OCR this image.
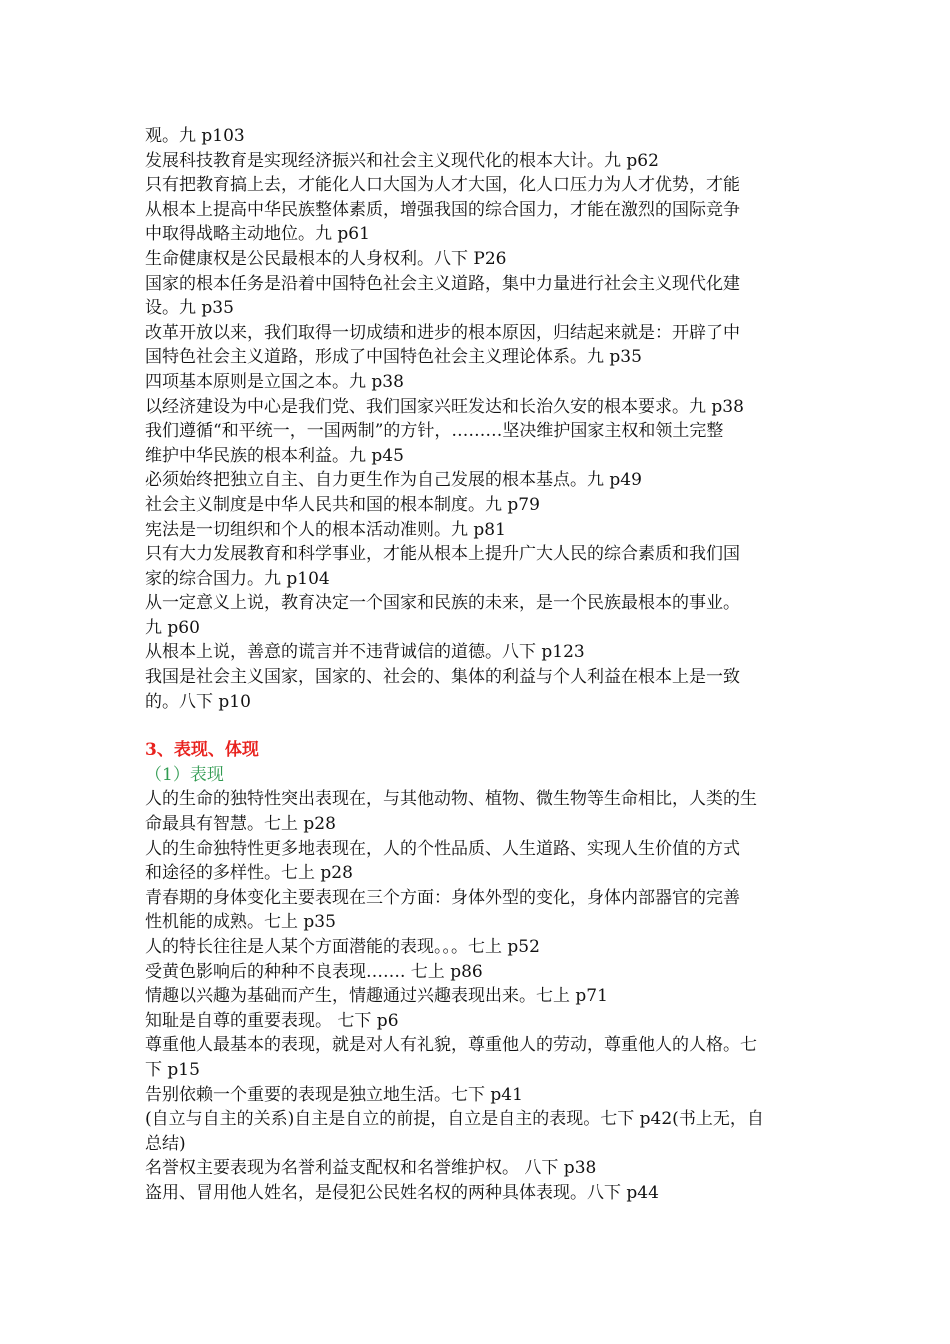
观。九 p103

发展科技教育是实现经济振兴和社会主义现代化的根本大计。九 p62

只有把教育搞上去，才能化人口大国为人才大国，化人口压力为人才优势，才能

从根本上提高中华民族整体素质，增强我国的综合国力，才能在激烈的国际竞争

中取得战略主动地位。九 p61

生命健康权是公民最根本的人身权利。八下 P26

国家的根本任务是沿着中国特色社会主义道路，集中力量进行社会主义现代化建

设。九 p35

改革开放以来，我们取得一切成绩和进步的根本原因，归结起来就是：开辟了中

国特色社会主义道路，形成了中国特色社会主义理论体系。九 p35

四项基本原则是立国之本。九 p38

以经济建设为中心是我们党、我们国家兴旺发达和长治久安的根本要求。九 p38

我们遵循“和平统一，一国两制”的方针，………坚决维护国家主权和领土完整

维护中华民族的根本利益。九 p45

必须始终把独立自主、自力更生作为自己发展的根本基点。九 p49

社会主义制度是中华人民共和国的根本制度。九 p79

宪法是一切组织和个人的根本活动准则。九 p81

只有大力发展教育和科学事业，才能从根本上提升广大人民的综合素质和我们国

家的综合国力。九 p104

从一定意义上说，教育决定一个国家和民族的未来，是一个民族最根本的事业。

九 p60

从根本上说，善意的谎言并不违背诚信的道德。八下 p123

我国是社会主义国家，国家的、社会的、集体的利益与个人利益在根本上是一致

的。八下 p10

3、表现、体现
（1）表现

人的生命的独特性突出表现在，与其他动物、植物、微生物等生命相比，人类的生

命最具有智慧。七上 p28

人的生命独特性更多地表现在，人的个性品质、人生道路、实现人生价值的方式

和途径的多样性。七上 p28

青春期的身体变化主要表现在三个方面：身体外型的变化，身体内部器官的完善

性机能的成熟。七上 p35

人的特长往往是人某个方面潜能的表现。。。七上 p52

受黄色影响后的种种不良表现……. 七上 p86

情趣以兴趣为基础而产生，情趣通过兴趣表现出来。七上 p71

知耻是自尊的重要表现。 七下 p6

尊重他人最基本的表现，就是对人有礼貌，尊重他人的劳动，尊重他人的人格。七

下 p15

告别依赖一个重要的表现是独立地生活。七下 p41

(自立与自主的关系)自主是自立的前提，自立是自主的表现。七下 p42(书上无，自

总结)

名誉权主要表现为名誉利益支配权和名誉维护权。 八下 p38

盗用、冒用他人姓名，是侵犯公民姓名权的两种具体表现。八下 p44
